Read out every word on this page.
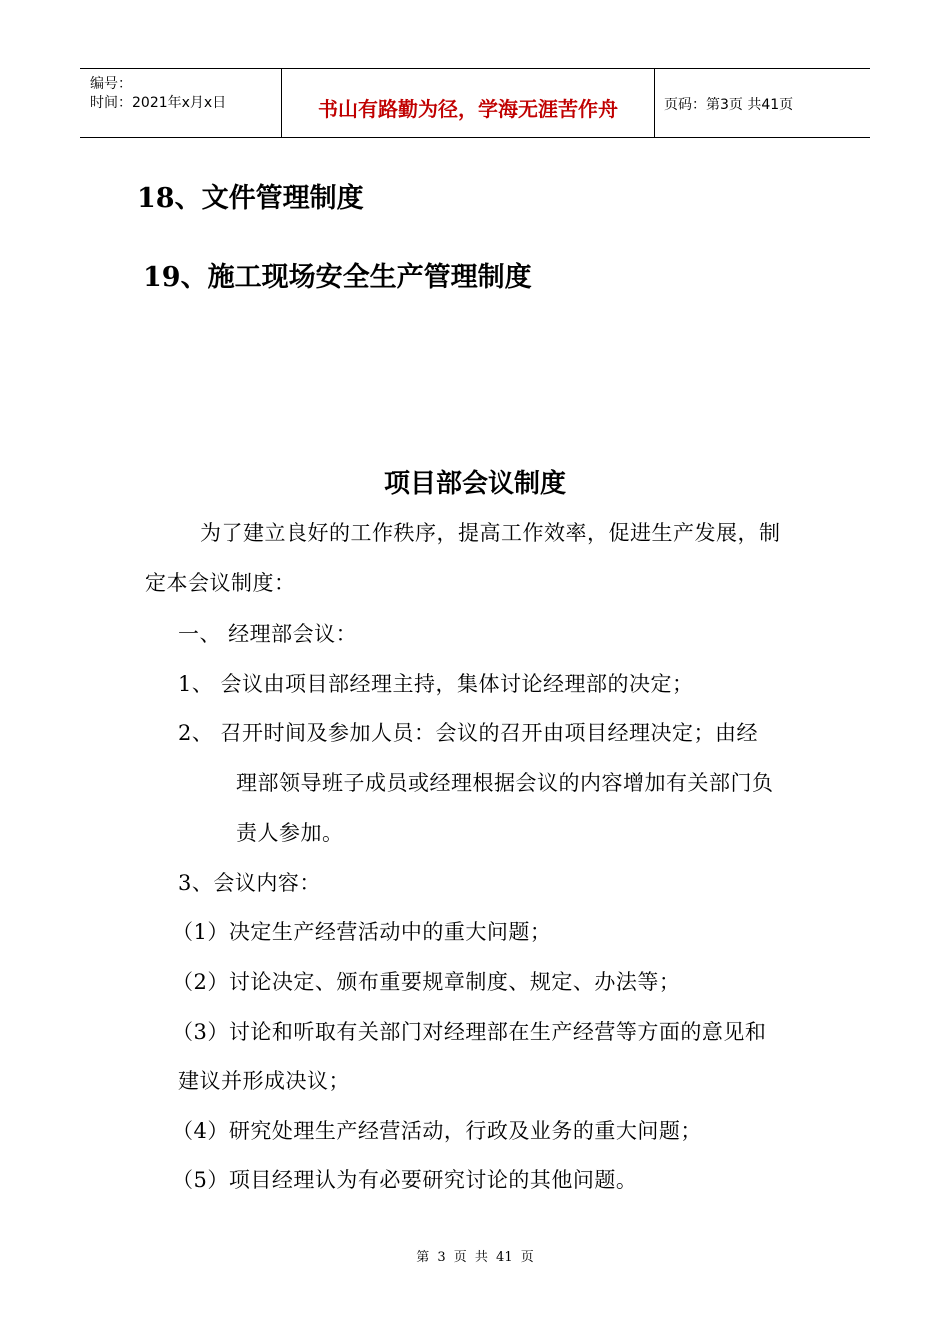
编号：
时间：2021年x月x日	书山有路勤为径，学海无涯苦作舟	页码：第3页 共41页
18、文件管理制度
19、施工现场安全生产管理制度
项目部会议制度
为了建立良好的工作秩序，提高工作效率，促进生产发展，制
定本会议制度：
一、 经理部会议：
1、 会议由项目部经理主持，集体讨论经理部的决定；
2、 召开时间及参加人员：会议的召开由项目经理决定；由经
理部领导班子成员或经理根据会议的内容增加有关部门负
责人参加。
3、会议内容：
（1）决定生产经营活动中的重大问题；
（2）讨论决定、颁布重要规章制度、规定、办法等；
（3）讨论和听取有关部门对经理部在生产经营等方面的意见和
建议并形成决议；
（4）研究处理生产经营活动，行政及业务的重大问题；
（5）项目经理认为有必要研究讨论的其他问题。
第 3 页 共 41 页
